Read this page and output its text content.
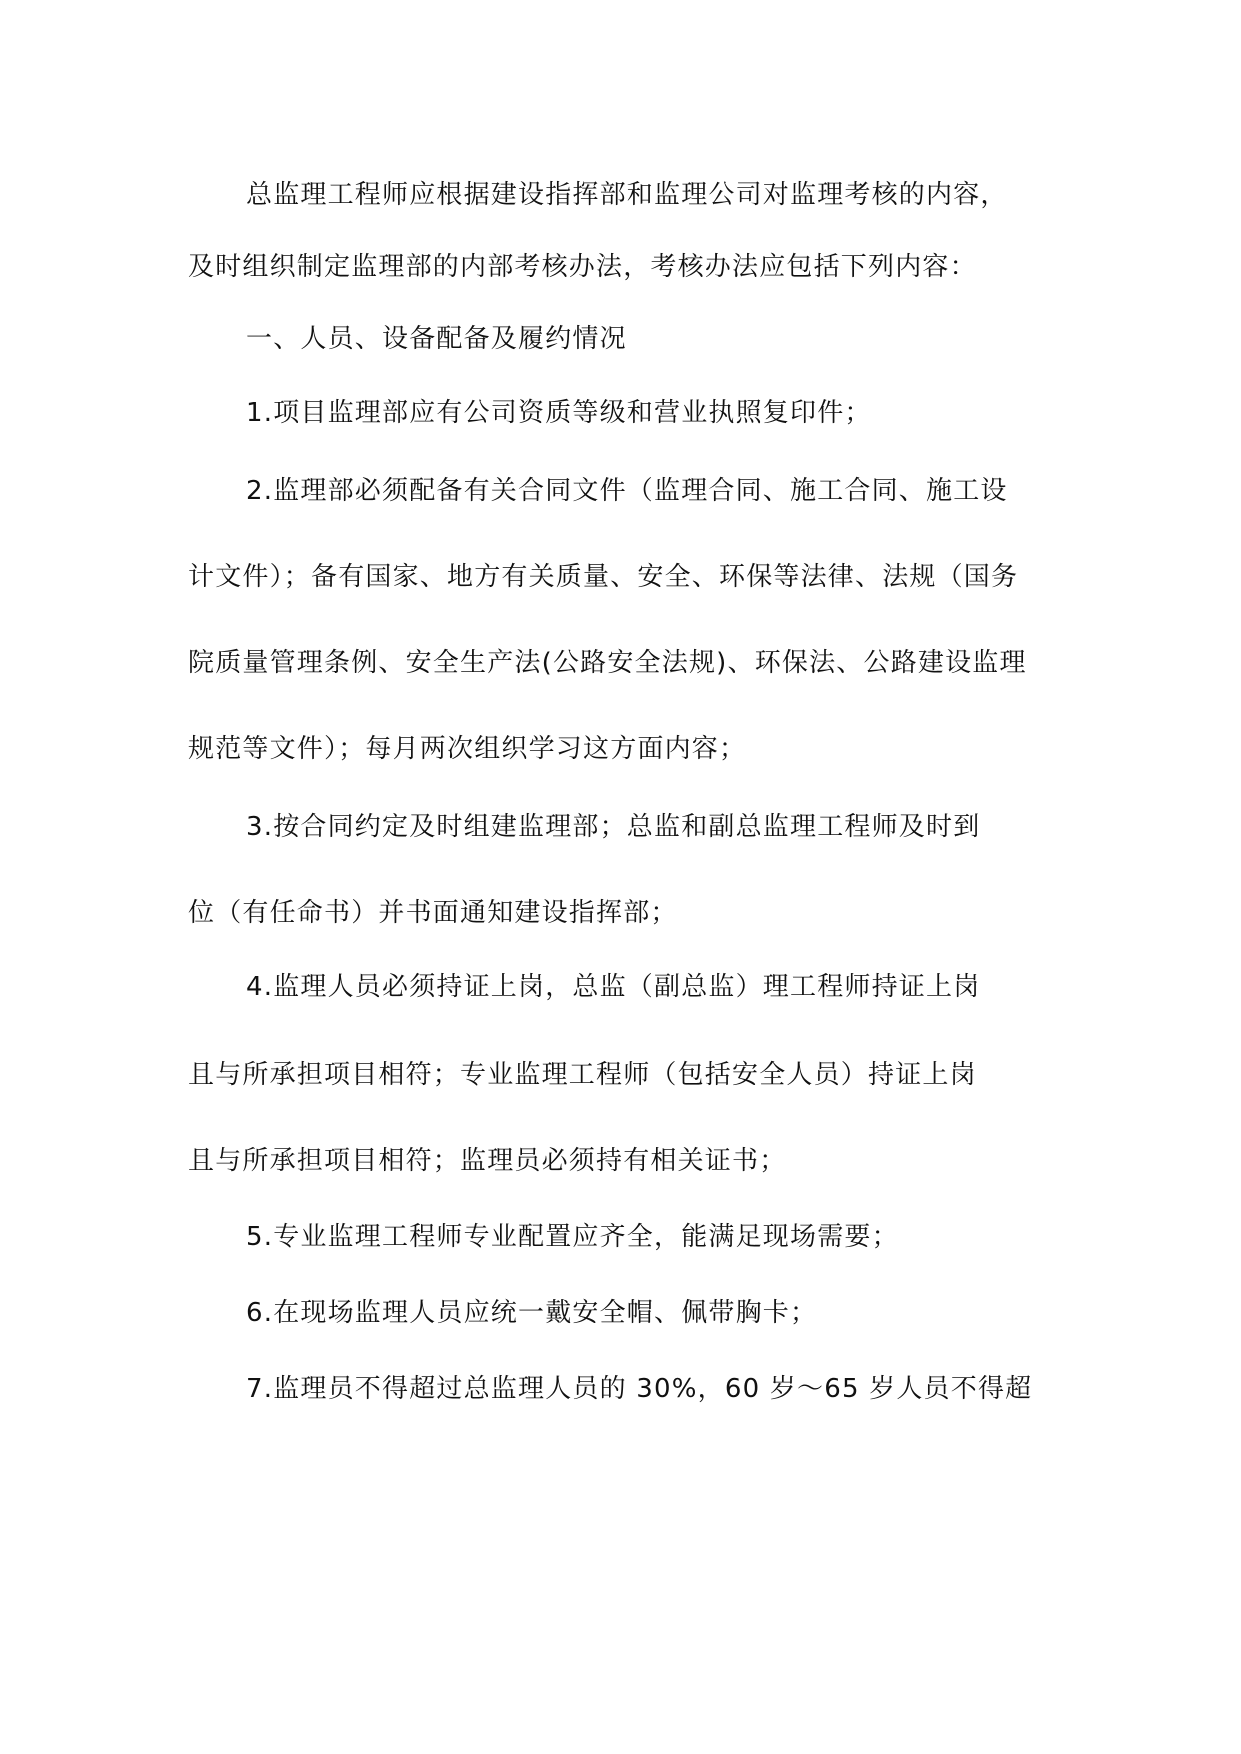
总监理工程师应根据建设指挥部和监理公司对监理考核的内容，

及时组织制定监理部的内部考核办法，考核办法应包括下列内容：

一、人员、设备配备及履约情况

1.项目监理部应有公司资质等级和营业执照复印件；

2.监理部必须配备有关合同文件（监理合同、施工合同、施工设

计文件）；备有国家、地方有关质量、安全、环保等法律、法规（国务

院质量管理条例、安全生产法(公路安全法规)、环保法、公路建设监理

规范等文件）；每月两次组织学习这方面内容；

3.按合同约定及时组建监理部；总监和副总监理工程师及时到

位（有任命书）并书面通知建设指挥部；

4.监理人员必须持证上岗，总监（副总监）理工程师持证上岗

且与所承担项目相符；专业监理工程师（包括安全人员）持证上岗

且与所承担项目相符；监理员必须持有相关证书；

5.专业监理工程师专业配置应齐全，能满足现场需要；

6.在现场监理人员应统一戴安全帽、佩带胸卡；

7.监理员不得超过总监理人员的 30%，60 岁～65 岁人员不得超
